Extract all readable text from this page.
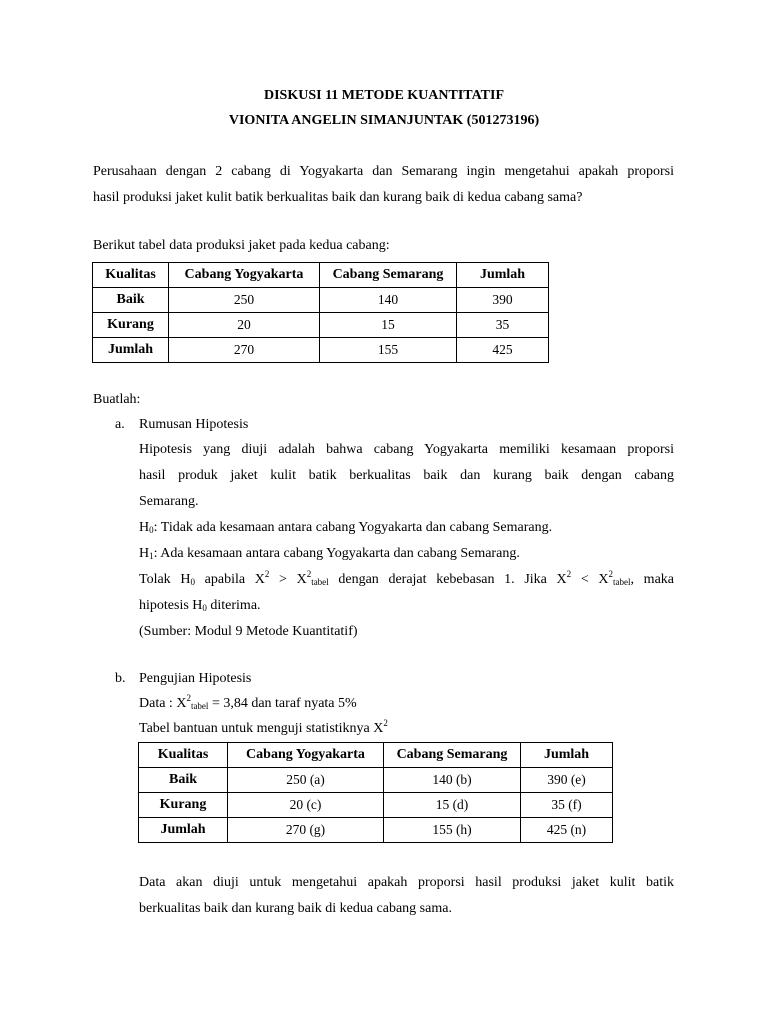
DISKUSI 11 METODE KUANTITATIF
VIONITA ANGELIN SIMANJUNTAK (501273196)
Perusahaan dengan 2 cabang di Yogyakarta dan Semarang ingin mengetahui apakah proporsi
hasil produksi jaket kulit batik berkualitas baik dan kurang baik di kedua cabang sama?
Berikut tabel data produksi jaket pada kedua cabang:
Kualitas	Cabang Yogyakarta	Cabang Semarang	Jumlah
Baik	250	140	390
Kurang	20	15	35
Jumlah	270	155	425
Buatlah:
a. Rumusan Hipotesis
Hipotesis yang diuji adalah bahwa cabang Yogyakarta memiliki kesamaan proporsi
hasil produk jaket kulit batik berkualitas baik dan kurang baik dengan cabang
Semarang.
$H_0$: Tidak ada kesamaan antara cabang Yogyakarta dan cabang Semarang.
$H_1$: Ada kesamaan antara cabang Yogyakarta dan cabang Semarang.
Tolak $H_0$ apabila $X^2 > X^2_{tabel}$ dengan derajat kebebasan 1. Jika $X^2 < X^2_{tabel}$, maka
hipotesis $H_0$ diterima.
(Sumber: Modul 9 Metode Kuantitatif)
b. Pengujian Hipotesis
Data : $X^2_{tabel} = 3,84$ dan taraf nyata 5%
Tabel bantuan untuk menguji statistiknya $X^2$
Kualitas	Cabang Yogyakarta	Cabang Semarang	Jumlah
Baik	250 (a)	140 (b)	390 (e)
Kurang	20 (c)	15 (d)	35 (f)
Jumlah	270 (g)	155 (h)	425 (n)
Data akan diuji untuk mengetahui apakah proporsi hasil produksi jaket kulit batik
berkualitas baik dan kurang baik di kedua cabang sama.
